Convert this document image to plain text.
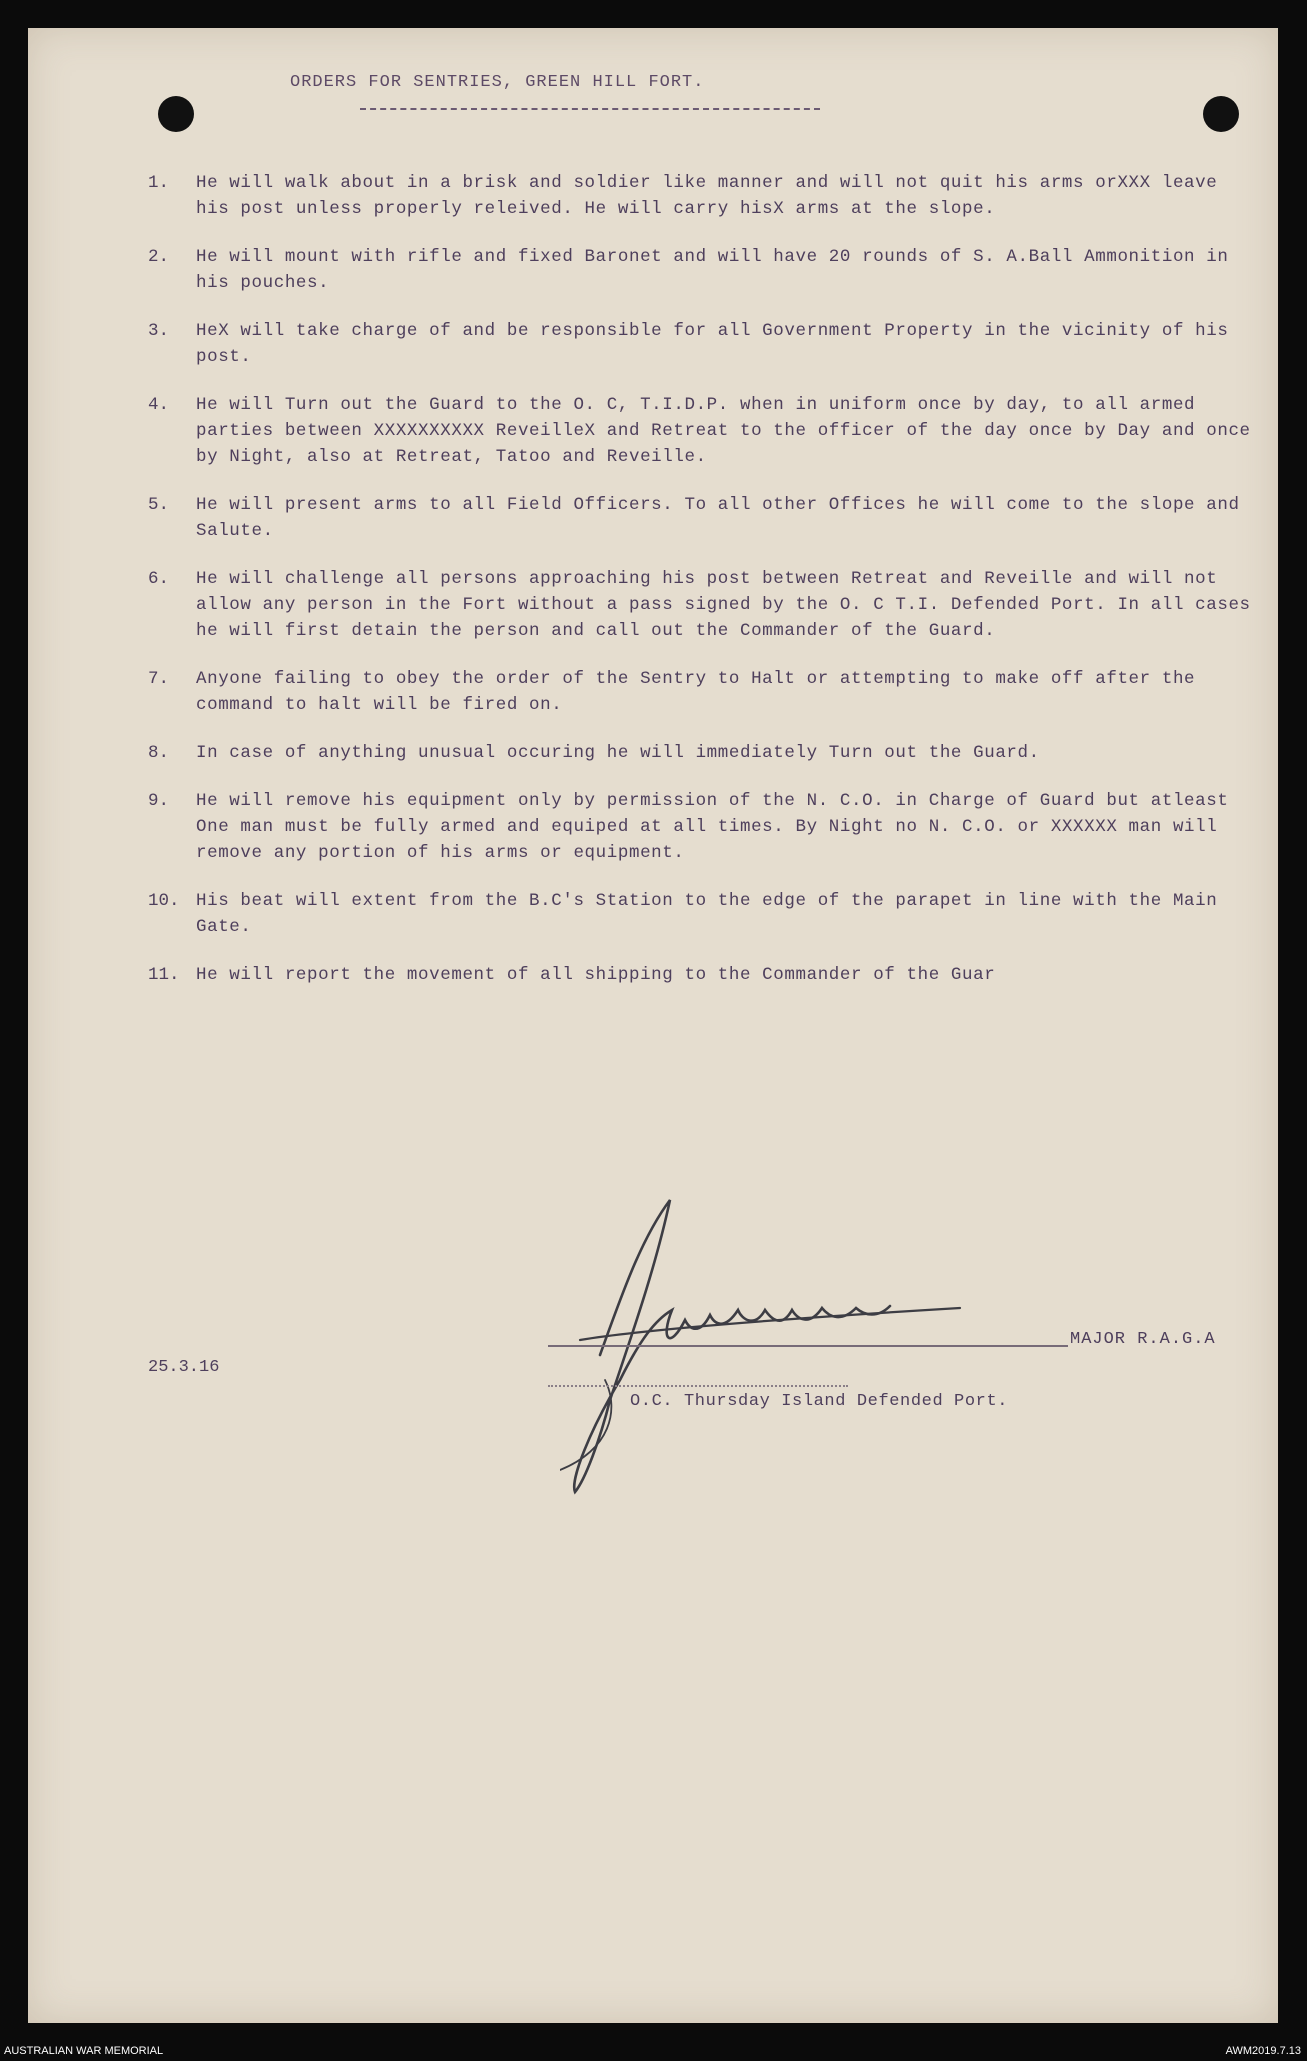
ORDERS FOR SENTRIES, GREEN HILL FORT.
1.	He will walk about in a brisk and soldier like manner and will not quit his arms orXXX leave his post unless properly releived. He will carry hisX arms at the slope.
2.	He will mount with rifle and fixed Baronet and will have 20 rounds of S. A.Ball Ammonition in his pouches.
3.	HeX will take charge of and be responsible for all Government Property in the vicinity of his post.
4.	He will Turn out the Guard to the O. C, T.I.D.P. when in uniform once by day, to all armed parties between XXXXXXXXXX ReveilleX and Retreat to the officer of the day once by Day and once by Night, also at Retreat, Tatoo and Reveille.
5.	He will present arms to all Field Officers. To all other Offices he will come to the slope and Salute.
6.	He will challenge all persons approaching his post between Retreat and Reveille and will not allow any person in the Fort without a pass signed by the O. C T.I. Defended Port. In all cases he will first detain the person and call out the Commander of the Guard.
7.	Anyone failing to obey the order of the Sentry to Halt or attempting to make off after the command to halt will be fired on.
8.	In case of anything unusual occuring he will immediately Turn out the Guard.
9.	He will remove his equipment only by permission of the N. C.O. in Charge of Guard but atleast One man must be fully armed and equiped at all times. By Night no N. C.O. or XXXXXX man will remove any portion of his arms or equipment.
10. His beat will extent from the B.C's Station to the edge of the parapet in line with the Main Gate.
11. He will report the movement of all shipping to the Commander of the Guar
MAJOR R.A.G.A
O.C. Thursday Island Defended Port.
25.3.16
AUSTRALIAN WAR MEMORIAL	AWM2019.7.13
